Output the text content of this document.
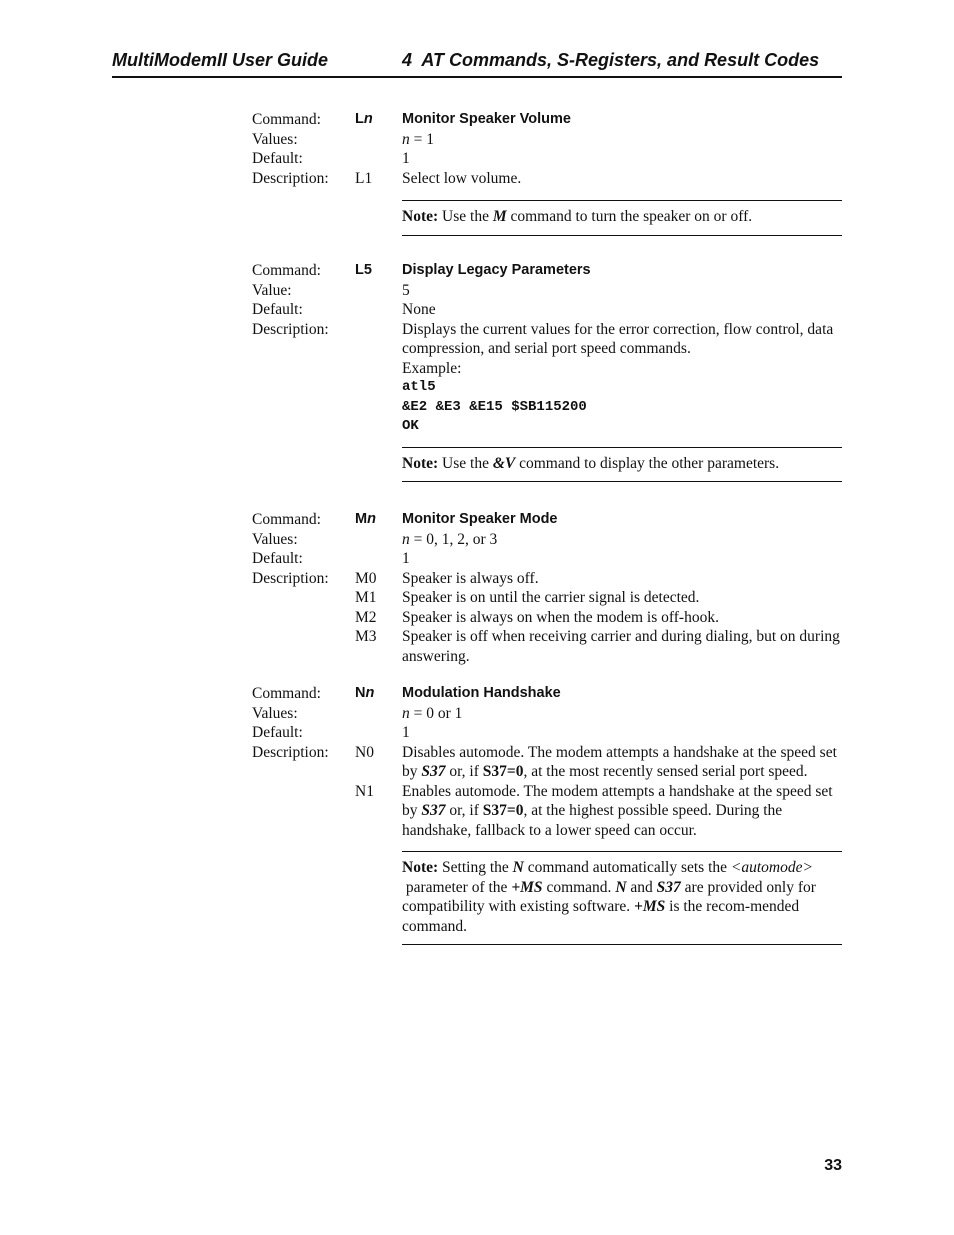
MultiModemII User Guide	4  AT Commands, S-Registers, and Result Codes
Command:	Ln	Monitor Speaker Volume
Values:	n = 1
Default:	1
Description:	L1	Select low volume.
Note: Use the M command to turn the speaker on or off.
Command:	L5	Display Legacy Parameters
Value:	5
Default:	None
Description:	Displays the current values for the error correction, flow control, data compression, and serial port speed commands.
Example:
atl5
&E2 &E3 &E15 $SB115200
OK
Note: Use the &V command to display the other parameters.
Command:	Mn	Monitor Speaker Mode
Values:	n = 0, 1, 2, or 3
Default:	1
Description:	M0	Speaker is always off.
M1	Speaker is on until the carrier signal is detected.
M2	Speaker is always on when the modem is off-hook.
M3	Speaker is off when receiving carrier and during dialing, but on during answering.
Command:	Nn	Modulation Handshake
Values:	n = 0 or 1
Default:	1
Description:	N0	Disables automode. The modem attempts a handshake at the speed set by S37 or, if S37=0, at the most recently sensed serial port speed.
N1	Enables automode. The modem attempts a handshake at the speed set by S37 or, if S37=0, at the highest possible speed. During the handshake, fallback to a lower speed can occur.
Note: Setting the N command automatically sets the <automode> parameter of the +MS command. N and S37 are provided only for compatibility with existing software. +MS is the recom-mended command.
33
